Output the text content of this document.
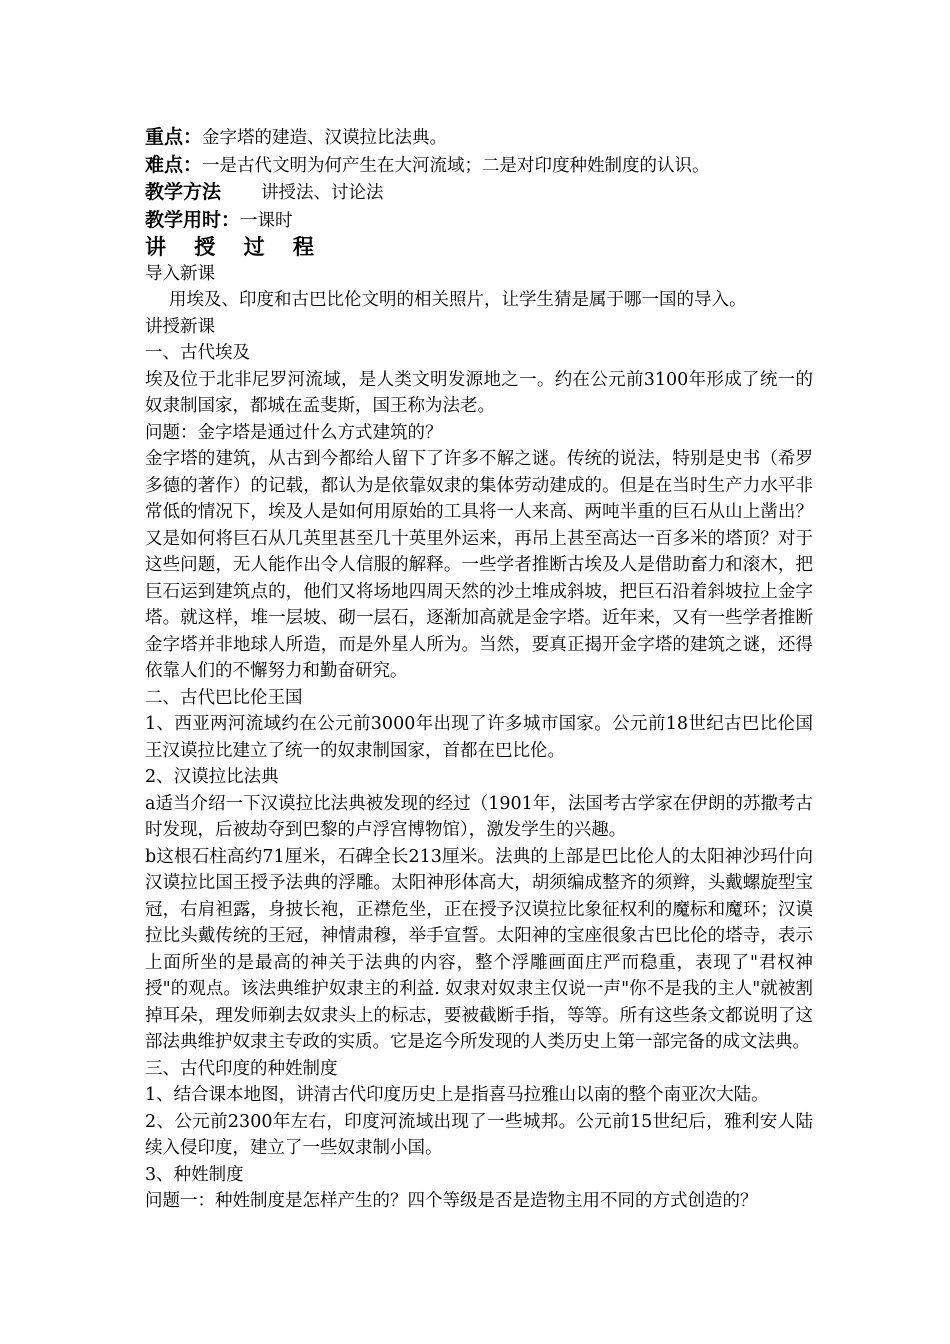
重点：金字塔的建造、汉谟拉比法典。

难点：一是古代文明为何产生在大河流域；二是对印度种姓制度的认识。

教学方法 讲授法、讨论法

教学用时：一课时

讲 授 过 程

导入新课

用埃及、印度和古巴比伦文明的相关照片，让学生猜是属于哪一国的导入。

讲授新课

一、古代埃及

埃及位于北非尼罗河流域，是人类文明发源地之一。约在公元前3100年形成了统一的奴隶制国家，都城在孟斐斯，国王称为法老。

问题：金字塔是通过什么方式建筑的？

金字塔的建筑，从古到今都给人留下了许多不解之谜。传统的说法，特别是史书（希罗多德的著作）的记载，都认为是依靠奴隶的集体劳动建成的。但是在当时生产力水平非常低的情况下，埃及人是如何用原始的工具将一人来高、两吨半重的巨石从山上凿出？又是如何将巨石从几英里甚至几十英里外运来，再吊上甚至高达一百多米的塔顶？对于这些问题，无人能作出令人信服的解释。一些学者推断古埃及人是借助畜力和滚木，把巨石运到建筑点的，他们又将场地四周天然的沙土堆成斜坡，把巨石沿着斜坡拉上金字塔。就这样，堆一层坡、砌一层石，逐渐加高就是金字塔。近年来，又有一些学者推断金字塔并非地球人所造，而是外星人所为。当然，要真正揭开金字塔的建筑之谜，还得依靠人们的不懈努力和勤奋研究。

二、古代巴比伦王国

1、西亚两河流域约在公元前3000年出现了许多城市国家。公元前18世纪古巴比伦国王汉谟拉比建立了统一的奴隶制国家，首都在巴比伦。

2、汉谟拉比法典

a适当介绍一下汉谟拉比法典被发现的经过（1901年，法国考古学家在伊朗的苏撒考古时发现，后被劫夺到巴黎的卢浮宫博物馆），激发学生的兴趣。

b这根石柱高约71厘米，石碑全长213厘米。法典的上部是巴比伦人的太阳神沙玛什向汉谟拉比国王授予法典的浮雕。太阳神形体高大，胡须编成整齐的须辫，头戴螺旋型宝冠，右肩袒露，身披长袍，正襟危坐，正在授予汉谟拉比象征权利的魔标和魔环；汉谟拉比头戴传统的王冠，神情肃穆，举手宣誓。太阳神的宝座很象古巴比伦的塔寺，表示上面所坐的是最高的神关于法典的内容，整个浮雕画面庄严而稳重，表现了"君权神授"的观点。该法典维护奴隶主的利益. 奴隶对奴隶主仅说一声"你不是我的主人"就被割掉耳朵，理发师剃去奴隶头上的标志，要被截断手指，等等。所有这些条文都说明了这部法典维护奴隶主专政的实质。它是迄今所发现的人类历史上第一部完备的成文法典。

三、古代印度的种姓制度

1、结合课本地图，讲清古代印度历史上是指喜马拉雅山以南的整个南亚次大陆。

2、公元前2300年左右，印度河流域出现了一些城邦。公元前15世纪后，雅利安人陆续入侵印度，建立了一些奴隶制小国。

3、种姓制度

问题一：种姓制度是怎样产生的？四个等级是否是造物主用不同的方式创造的？
